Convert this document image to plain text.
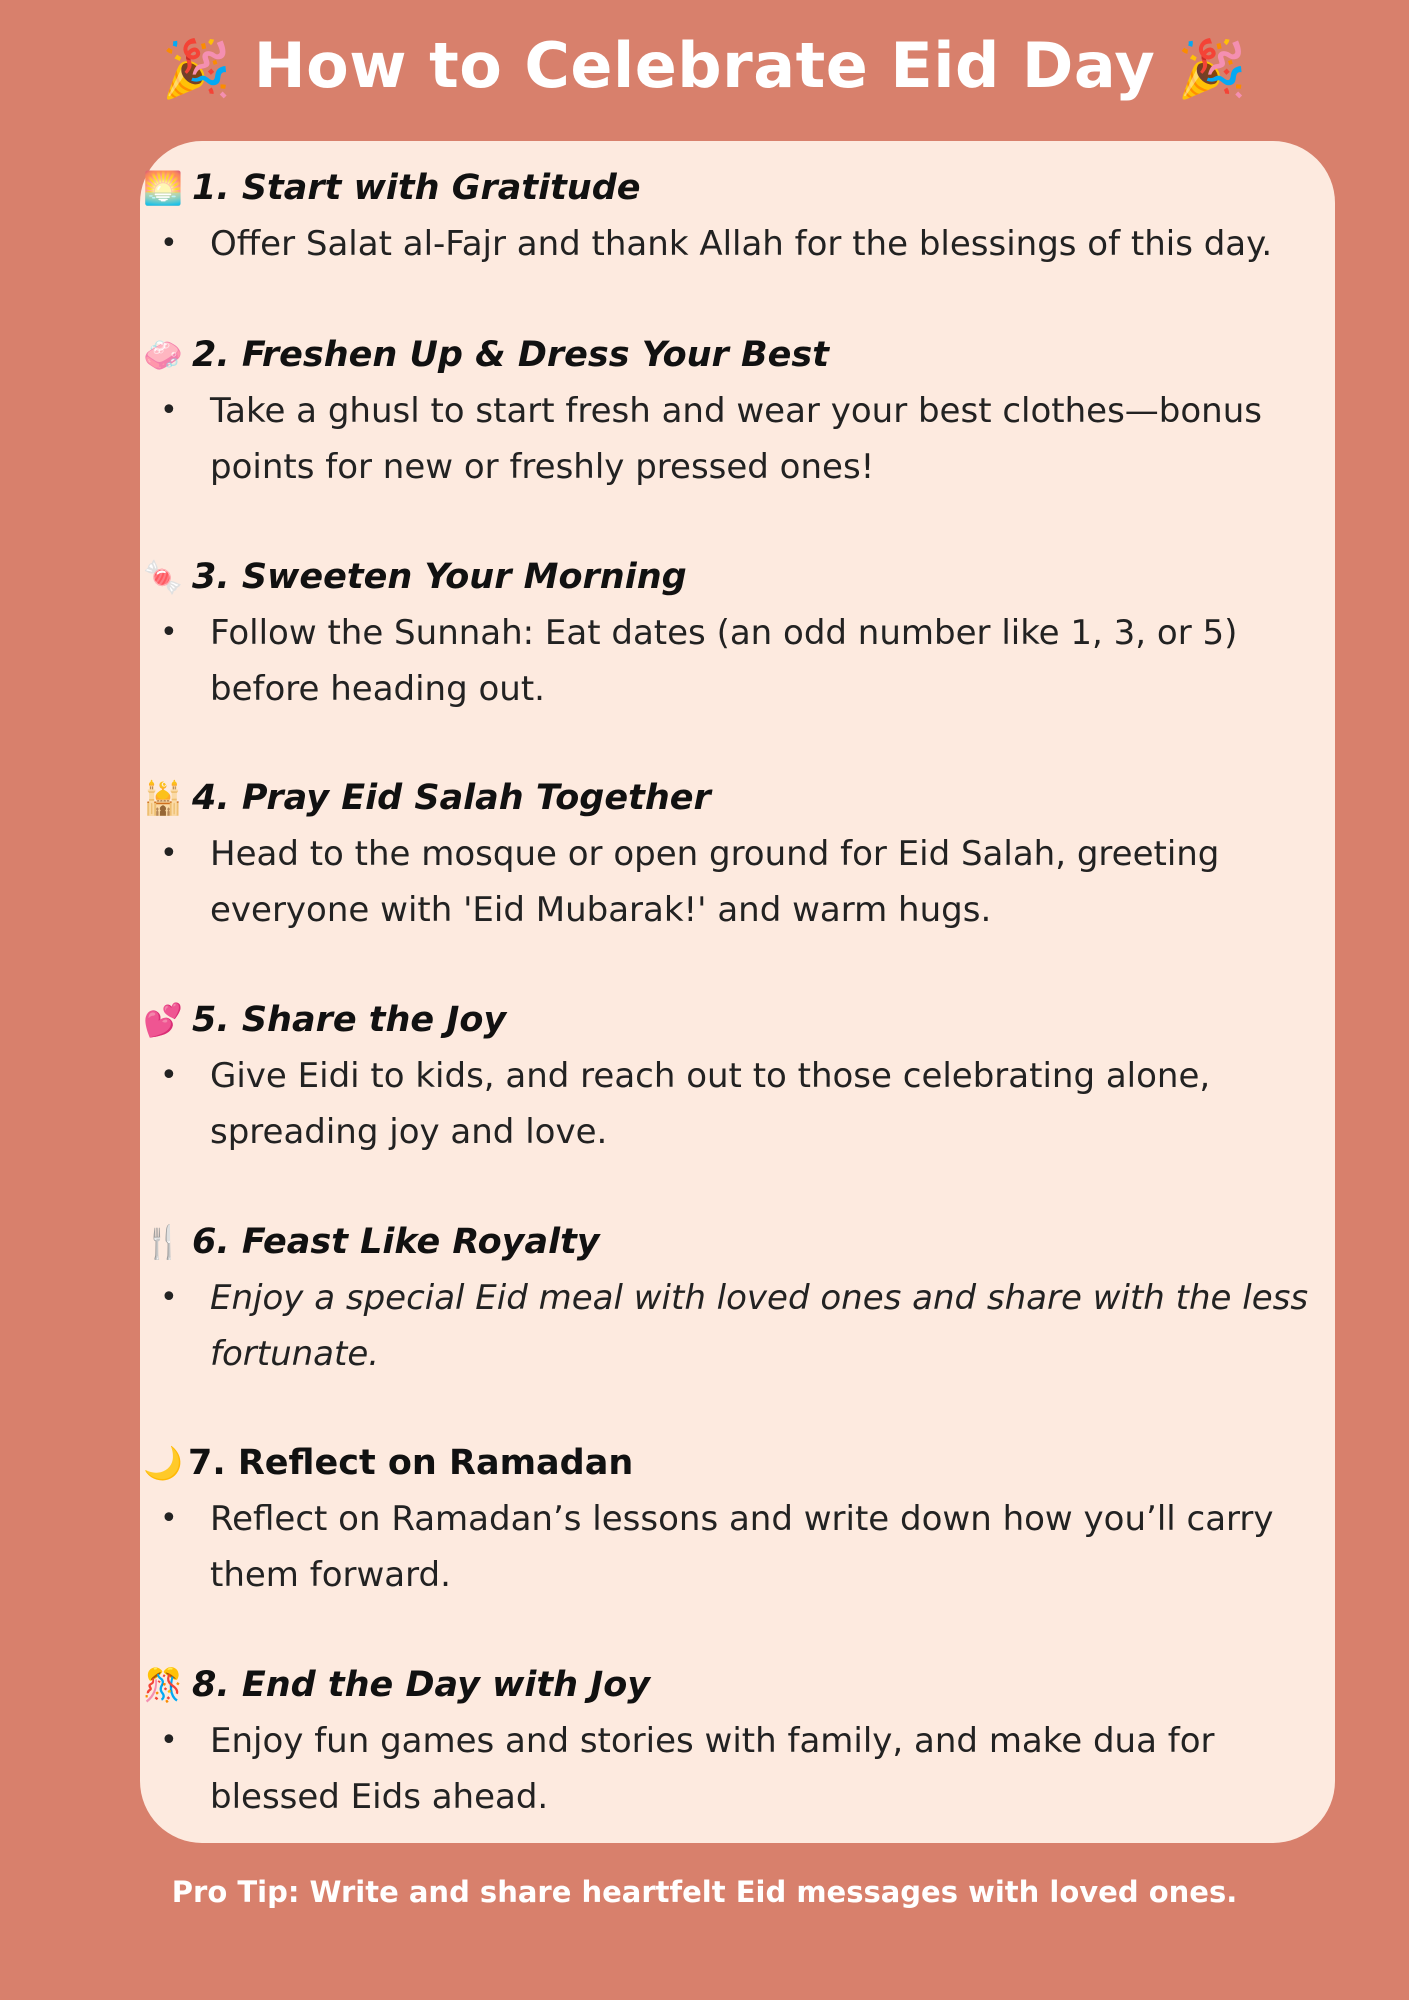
🎉 How to Celebrate Eid Day 🎉
🌅 1. Start with Gratitude
• Offer Salat al-Fajr and thank Allah for the blessings of this day.
🧼 2. Freshen Up & Dress Your Best
• Take a ghusl to start fresh and wear your best clothes—bonus points for new or freshly pressed ones!
🍬 3. Sweeten Your Morning
• Follow the Sunnah: Eat dates (an odd number like 1, 3, or 5) before heading out.
🕌 4. Pray Eid Salah Together
• Head to the mosque or open ground for Eid Salah, greeting everyone with 'Eid Mubarak!' and warm hugs.
💕 5. Share the Joy
• Give Eidi to kids, and reach out to those celebrating alone, spreading joy and love.
🍴 6. Feast Like Royalty
• Enjoy a special Eid meal with loved ones and share with the less fortunate.
🌙 7. Reflect on Ramadan
• Reflect on Ramadan’s lessons and write down how you’ll carry them forward.
🎊 8. End the Day with Joy
• Enjoy fun games and stories with family, and make dua for blessed Eids ahead.
Pro Tip: Write and share heartfelt Eid messages with loved ones.
